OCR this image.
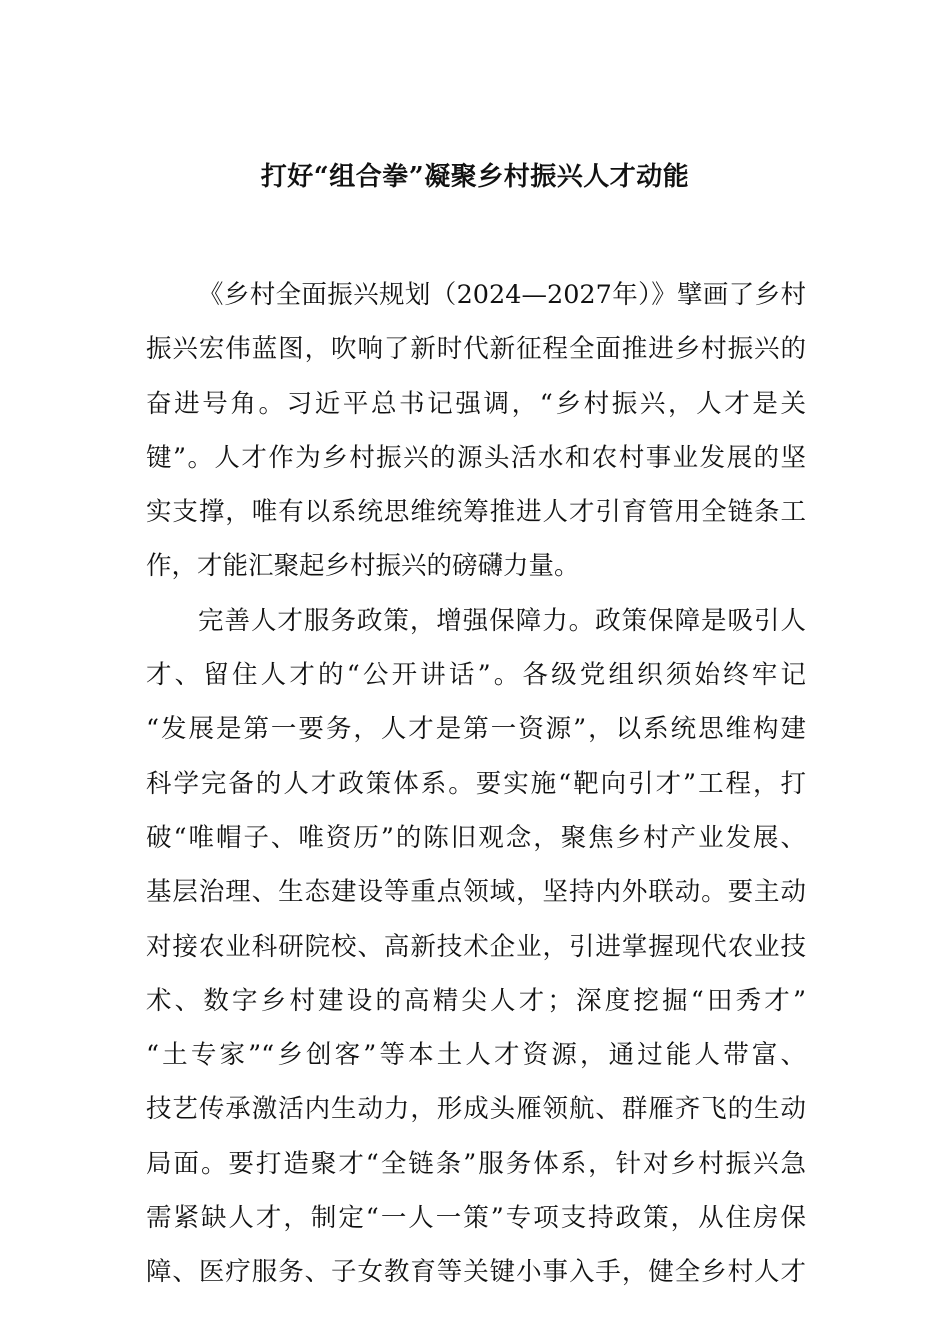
打好“组合拳”凝聚乡村振兴人才动能
《乡村全面振兴规划（2024—2027年）》擘画了乡村
振兴宏伟蓝图，吹响了新时代新征程全面推进乡村振兴的
奋进号角。习近平总书记强调，“乡村振兴，人才是关
键”。人才作为乡村振兴的源头活水和农村事业发展的坚
实支撑，唯有以系统思维统筹推进人才引育管用全链条工
作，才能汇聚起乡村振兴的磅礴力量。
完善人才服务政策，增强保障力。政策保障是吸引人
才、留住人才的“公开讲话”。各级党组织须始终牢记
“发展是第一要务，人才是第一资源”，以系统思维构建
科学完备的人才政策体系。要实施“靶向引才”工程，打
破“唯帽子、唯资历”的陈旧观念，聚焦乡村产业发展、
基层治理、生态建设等重点领域，坚持内外联动。要主动
对接农业科研院校、高新技术企业，引进掌握现代农业技
术、数字乡村建设的高精尖人才；深度挖掘“田秀才”
“土专家”“乡创客”等本土人才资源，通过能人带富、
技艺传承激活内生动力，形成头雁领航、群雁齐飞的生动
局面。要打造聚才“全链条”服务体系，针对乡村振兴急
需紧缺人才，制定“一人一策”专项支持政策，从住房保
障、医疗服务、子女教育等关键小事入手，健全乡村人才
